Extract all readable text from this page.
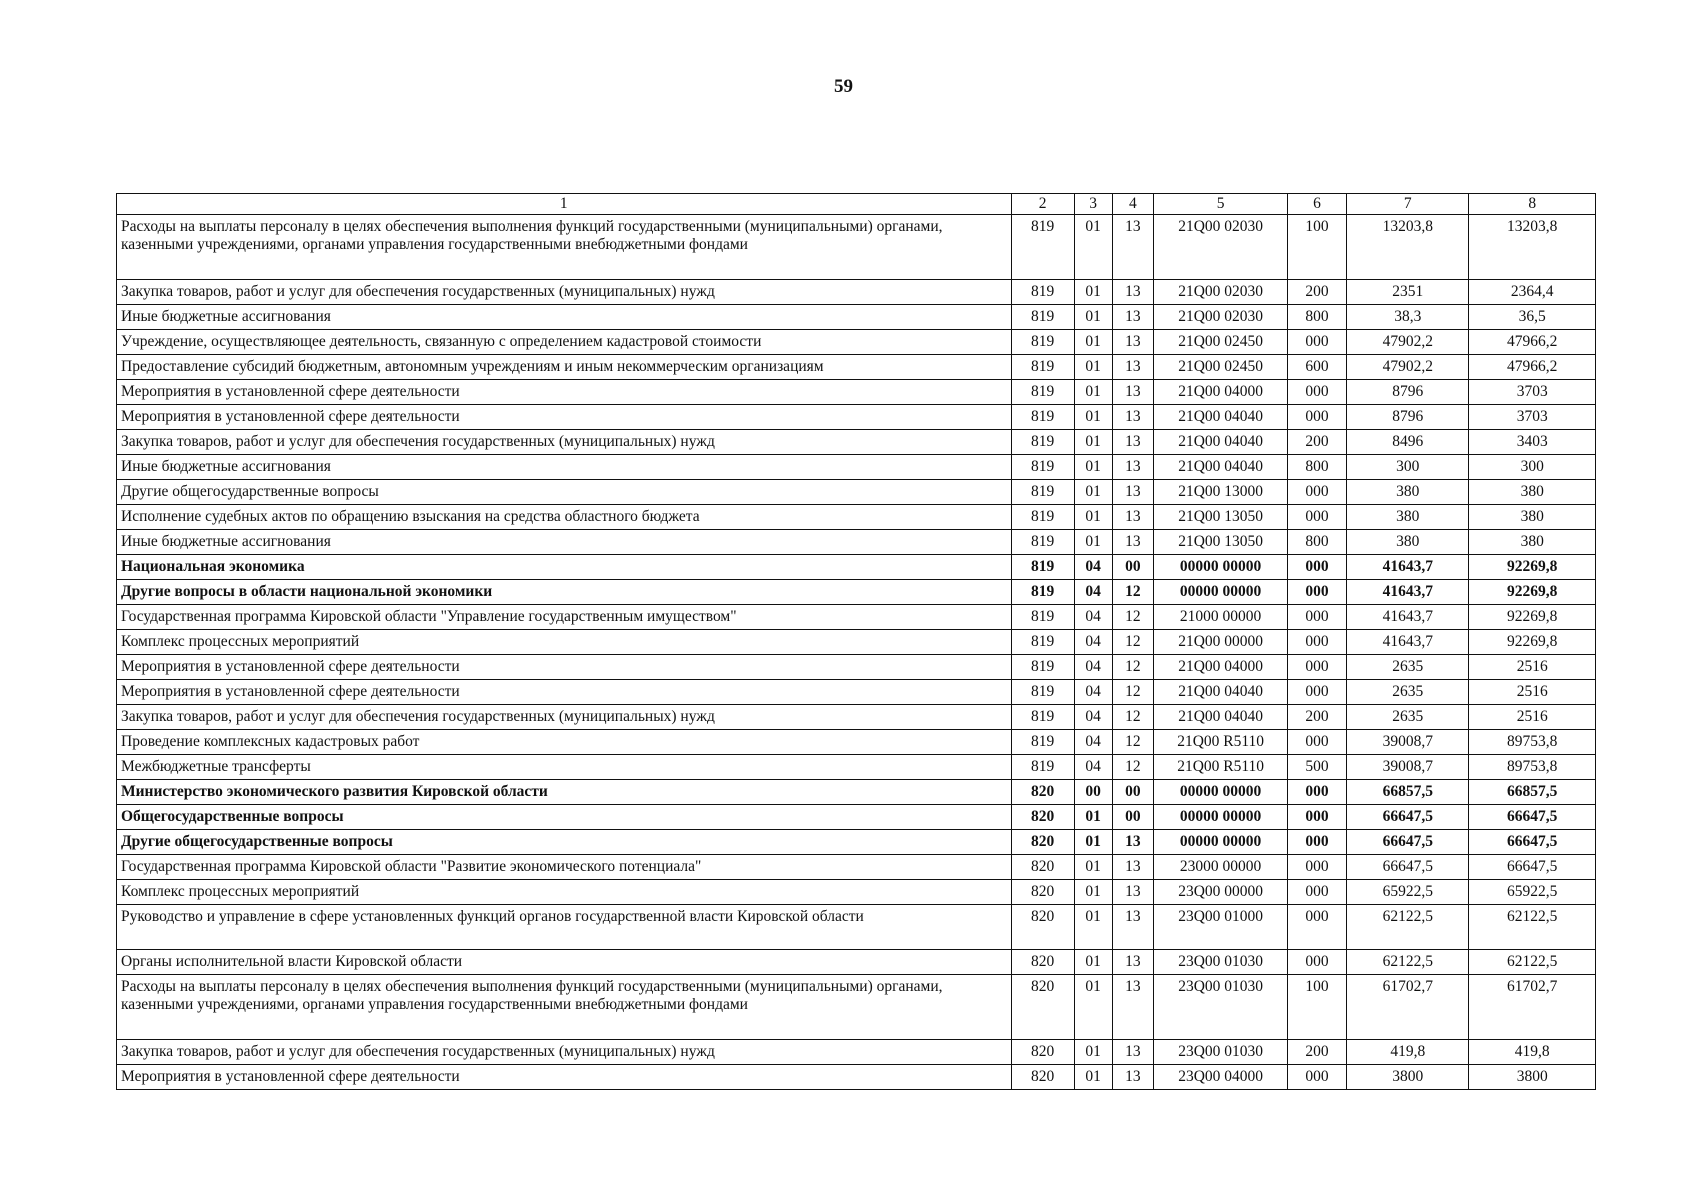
59
1	2	3	4	5	6	7	8
Расходы на выплаты персоналу в целях обеспечения выполнения функций государственными (муниципальными) органами, казенными учреждениями, органами управления государственными внебюджетными фондами	819	01	13	21Q00 02030	100	13203,8	13203,8
Закупка товаров, работ и услуг для обеспечения государственных (муниципальных) нужд	819	01	13	21Q00 02030	200	2351	2364,4
Иные бюджетные ассигнования	819	01	13	21Q00 02030	800	38,3	36,5
Учреждение, осуществляющее деятельность, связанную с определением кадастровой стоимости	819	01	13	21Q00 02450	000	47902,2	47966,2
Предоставление субсидий бюджетным, автономным учреждениям и иным некоммерческим организациям	819	01	13	21Q00 02450	600	47902,2	47966,2
Мероприятия в установленной сфере деятельности	819	01	13	21Q00 04000	000	8796	3703
Мероприятия в установленной сфере деятельности	819	01	13	21Q00 04040	000	8796	3703
Закупка товаров, работ и услуг для обеспечения государственных (муниципальных) нужд	819	01	13	21Q00 04040	200	8496	3403
Иные бюджетные ассигнования	819	01	13	21Q00 04040	800	300	300
Другие общегосударственные вопросы	819	01	13	21Q00 13000	000	380	380
Исполнение судебных актов по обращению взыскания на средства областного бюджета	819	01	13	21Q00 13050	000	380	380
Иные бюджетные ассигнования	819	01	13	21Q00 13050	800	380	380
Национальная экономика	819	04	00	00000 00000	000	41643,7	92269,8
Другие вопросы в области национальной экономики	819	04	12	00000 00000	000	41643,7	92269,8
Государственная программа Кировской области "Управление государственным имуществом"	819	04	12	21000 00000	000	41643,7	92269,8
Комплекс процессных мероприятий	819	04	12	21Q00 00000	000	41643,7	92269,8
Мероприятия в установленной сфере деятельности	819	04	12	21Q00 04000	000	2635	2516
Мероприятия в установленной сфере деятельности	819	04	12	21Q00 04040	000	2635	2516
Закупка товаров, работ и услуг для обеспечения государственных (муниципальных) нужд	819	04	12	21Q00 04040	200	2635	2516
Проведение комплексных кадастровых работ	819	04	12	21Q00 R5110	000	39008,7	89753,8
Межбюджетные трансферты	819	04	12	21Q00 R5110	500	39008,7	89753,8
Министерство экономического развития Кировской области	820	00	00	00000 00000	000	66857,5	66857,5
Общегосударственные вопросы	820	01	00	00000 00000	000	66647,5	66647,5
Другие общегосударственные вопросы	820	01	13	00000 00000	000	66647,5	66647,5
Государственная программа Кировской области "Развитие экономического потенциала"	820	01	13	23000 00000	000	66647,5	66647,5
Комплекс процессных мероприятий	820	01	13	23Q00 00000	000	65922,5	65922,5
Руководство и управление в сфере установленных функций органов государственной власти Кировской области	820	01	13	23Q00 01000	000	62122,5	62122,5
Органы исполнительной власти Кировской области	820	01	13	23Q00 01030	000	62122,5	62122,5
Расходы на выплаты персоналу в целях обеспечения выполнения функций государственными (муниципальными) органами, казенными учреждениями, органами управления государственными внебюджетными фондами	820	01	13	23Q00 01030	100	61702,7	61702,7
Закупка товаров, работ и услуг для обеспечения государственных (муниципальных) нужд	820	01	13	23Q00 01030	200	419,8	419,8
Мероприятия в установленной сфере деятельности	820	01	13	23Q00 04000	000	3800	3800
